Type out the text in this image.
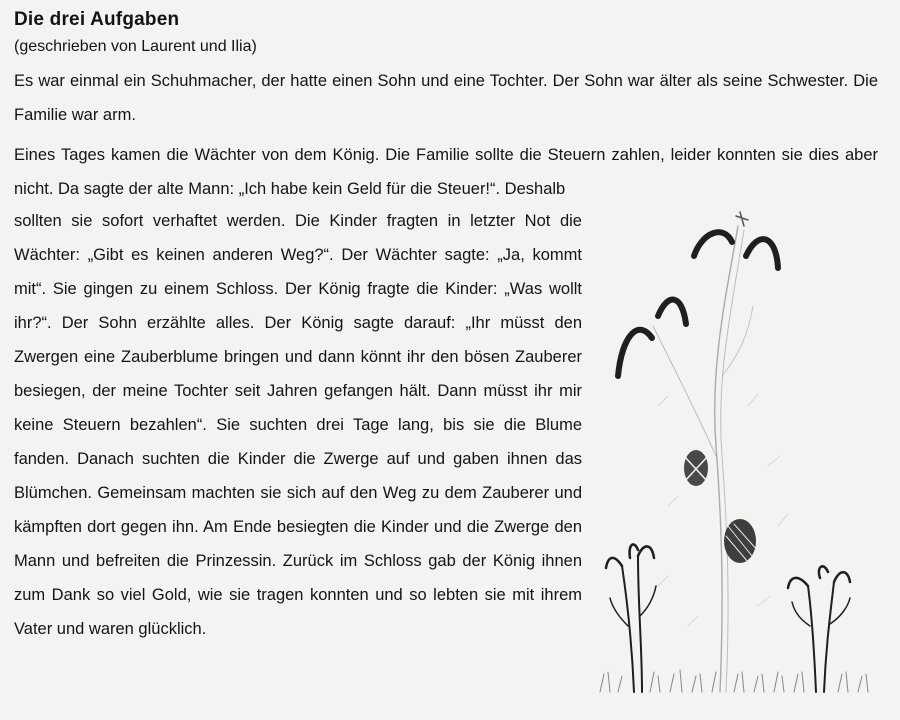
Die drei Aufgaben
(geschrieben von Laurent und Ilia)

Es war einmal ein Schuhmacher, der hatte einen Sohn und eine Tochter. Der Sohn war älter als seine Schwester. Die Familie war arm.

Eines Tages kamen die Wächter von dem König. Die Familie sollte die Steuern zahlen, leider konnten sie dies aber nicht. Da sagte der alte Mann: „Ich habe kein Geld für die Steuer!“. Deshalb

sollten sie sofort verhaftet werden. Die Kinder fragten in letzter Not die Wächter: „Gibt es keinen anderen Weg?“. Der Wächter sagte: „Ja, kommt mit“. Sie gingen zu einem Schloss. Der König fragte die Kinder: „Was wollt ihr?“. Der Sohn erzählte alles. Der König sagte darauf: „Ihr müsst den Zwergen eine Zauberblume bringen und dann könnt ihr den bösen Zauberer besiegen, der meine Tochter seit Jahren gefangen hält. Dann müsst ihr mir keine Steuern bezahlen“. Sie suchten drei Tage lang, bis sie die Blume fanden. Danach suchten die Kinder die Zwerge auf und gaben ihnen das Blümchen. Gemeinsam machten sie sich auf den Weg zu dem Zauberer und kämpften dort gegen ihn. Am Ende besiegten die Kinder und die Zwerge den Mann und befreiten die Prinzessin. Zurück im Schloss gab der König ihnen zum Dank so viel Gold, wie sie tragen konnten und so lebten sie mit ihrem Vater und waren glücklich.
